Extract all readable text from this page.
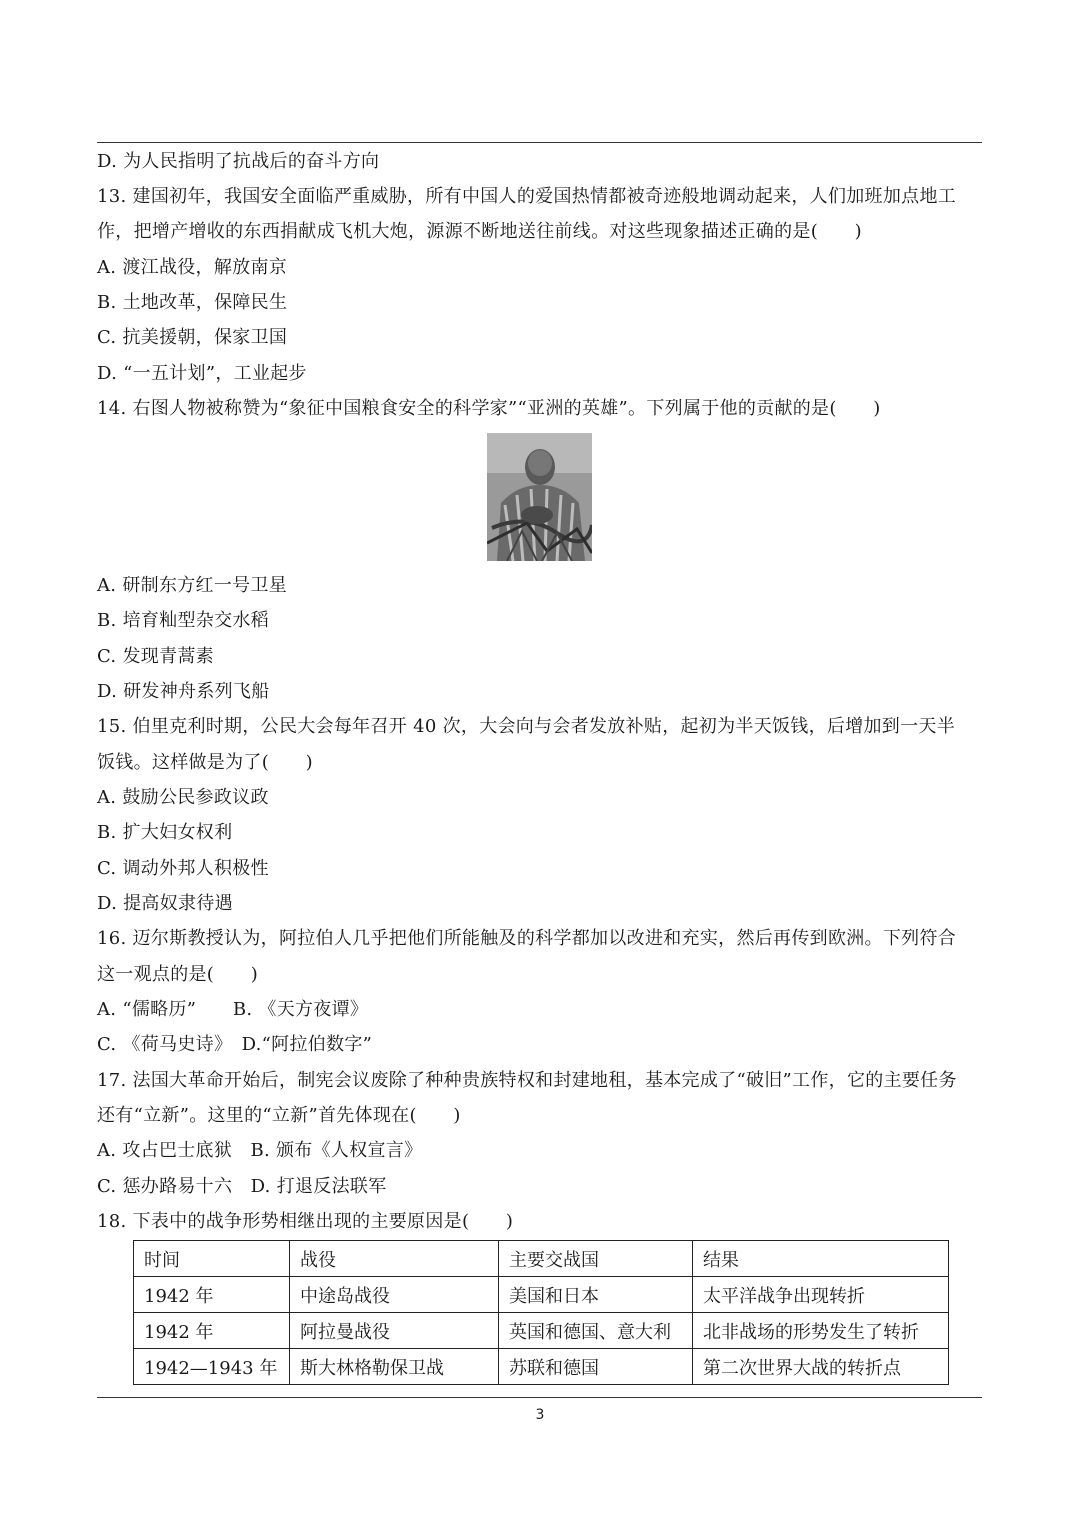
D. 为人民指明了抗战后的奋斗方向
13. 建国初年，我国安全面临严重威胁，所有中国人的爱国热情都被奇迹般地调动起来，人们加班加点地工
作，把增产增收的东西捐献成飞机大炮，源源不断地送往前线。对这些现象描述正确的是(　　)
A. 渡江战役，解放南京
B. 土地改革，保障民生
C. 抗美援朝，保家卫国
D. “一五计划”，工业起步
14. 右图人物被称赞为“象征中国粮食安全的科学家”“亚洲的英雄”。下列属于他的贡献的是(　　)
A. 研制东方红一号卫星
B. 培育籼型杂交水稻
C. 发现青蒿素
D. 研发神舟系列飞船
15. 伯里克利时期，公民大会每年召开 40 次，大会向与会者发放补贴，起初为半天饭钱，后增加到一天半
饭钱。这样做是为了(　　)
A. 鼓励公民参政议政
B. 扩大妇女权利
C. 调动外邦人积极性
D. 提高奴隶待遇
16. 迈尔斯教授认为，阿拉伯人几乎把他们所能触及的科学都加以改进和充实，然后再传到欧洲。下列符合
这一观点的是(　　)
A. “儒略历”　　B. 《天方夜谭》
C. 《荷马史诗》　D.“阿拉伯数字”
17. 法国大革命开始后，制宪会议废除了种种贵族特权和封建地租，基本完成了“破旧”工作，它的主要任务
还有“立新”。这里的“立新”首先体现在(　　)
A. 攻占巴士底狱　B. 颁布《人权宣言》
C. 惩办路易十六　D. 打退反法联军
18. 下表中的战争形势相继出现的主要原因是(　　)
时间	战役	主要交战国	结果
1942 年	中途岛战役	美国和日本	太平洋战争出现转折
1942 年	阿拉曼战役	英国和德国、意大利	北非战场的形势发生了转折
1942—1943 年	斯大林格勒保卫战	苏联和德国	第二次世界大战的转折点
3
